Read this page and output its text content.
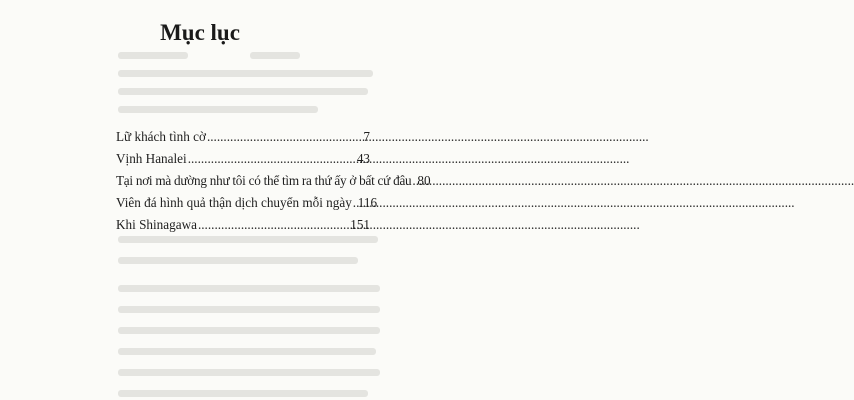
Mục lục
Lữ khách tình cờ .....	7
Vịnh Hanalei .....	43
Tại nơi mà dường như tôi có thể tìm ra thứ ấy ở bất cứ đâu ..... 80
Viên đá hình quả thận dịch chuyển mỗi ngày ..... 116
Khi Shinagawa .....	151
